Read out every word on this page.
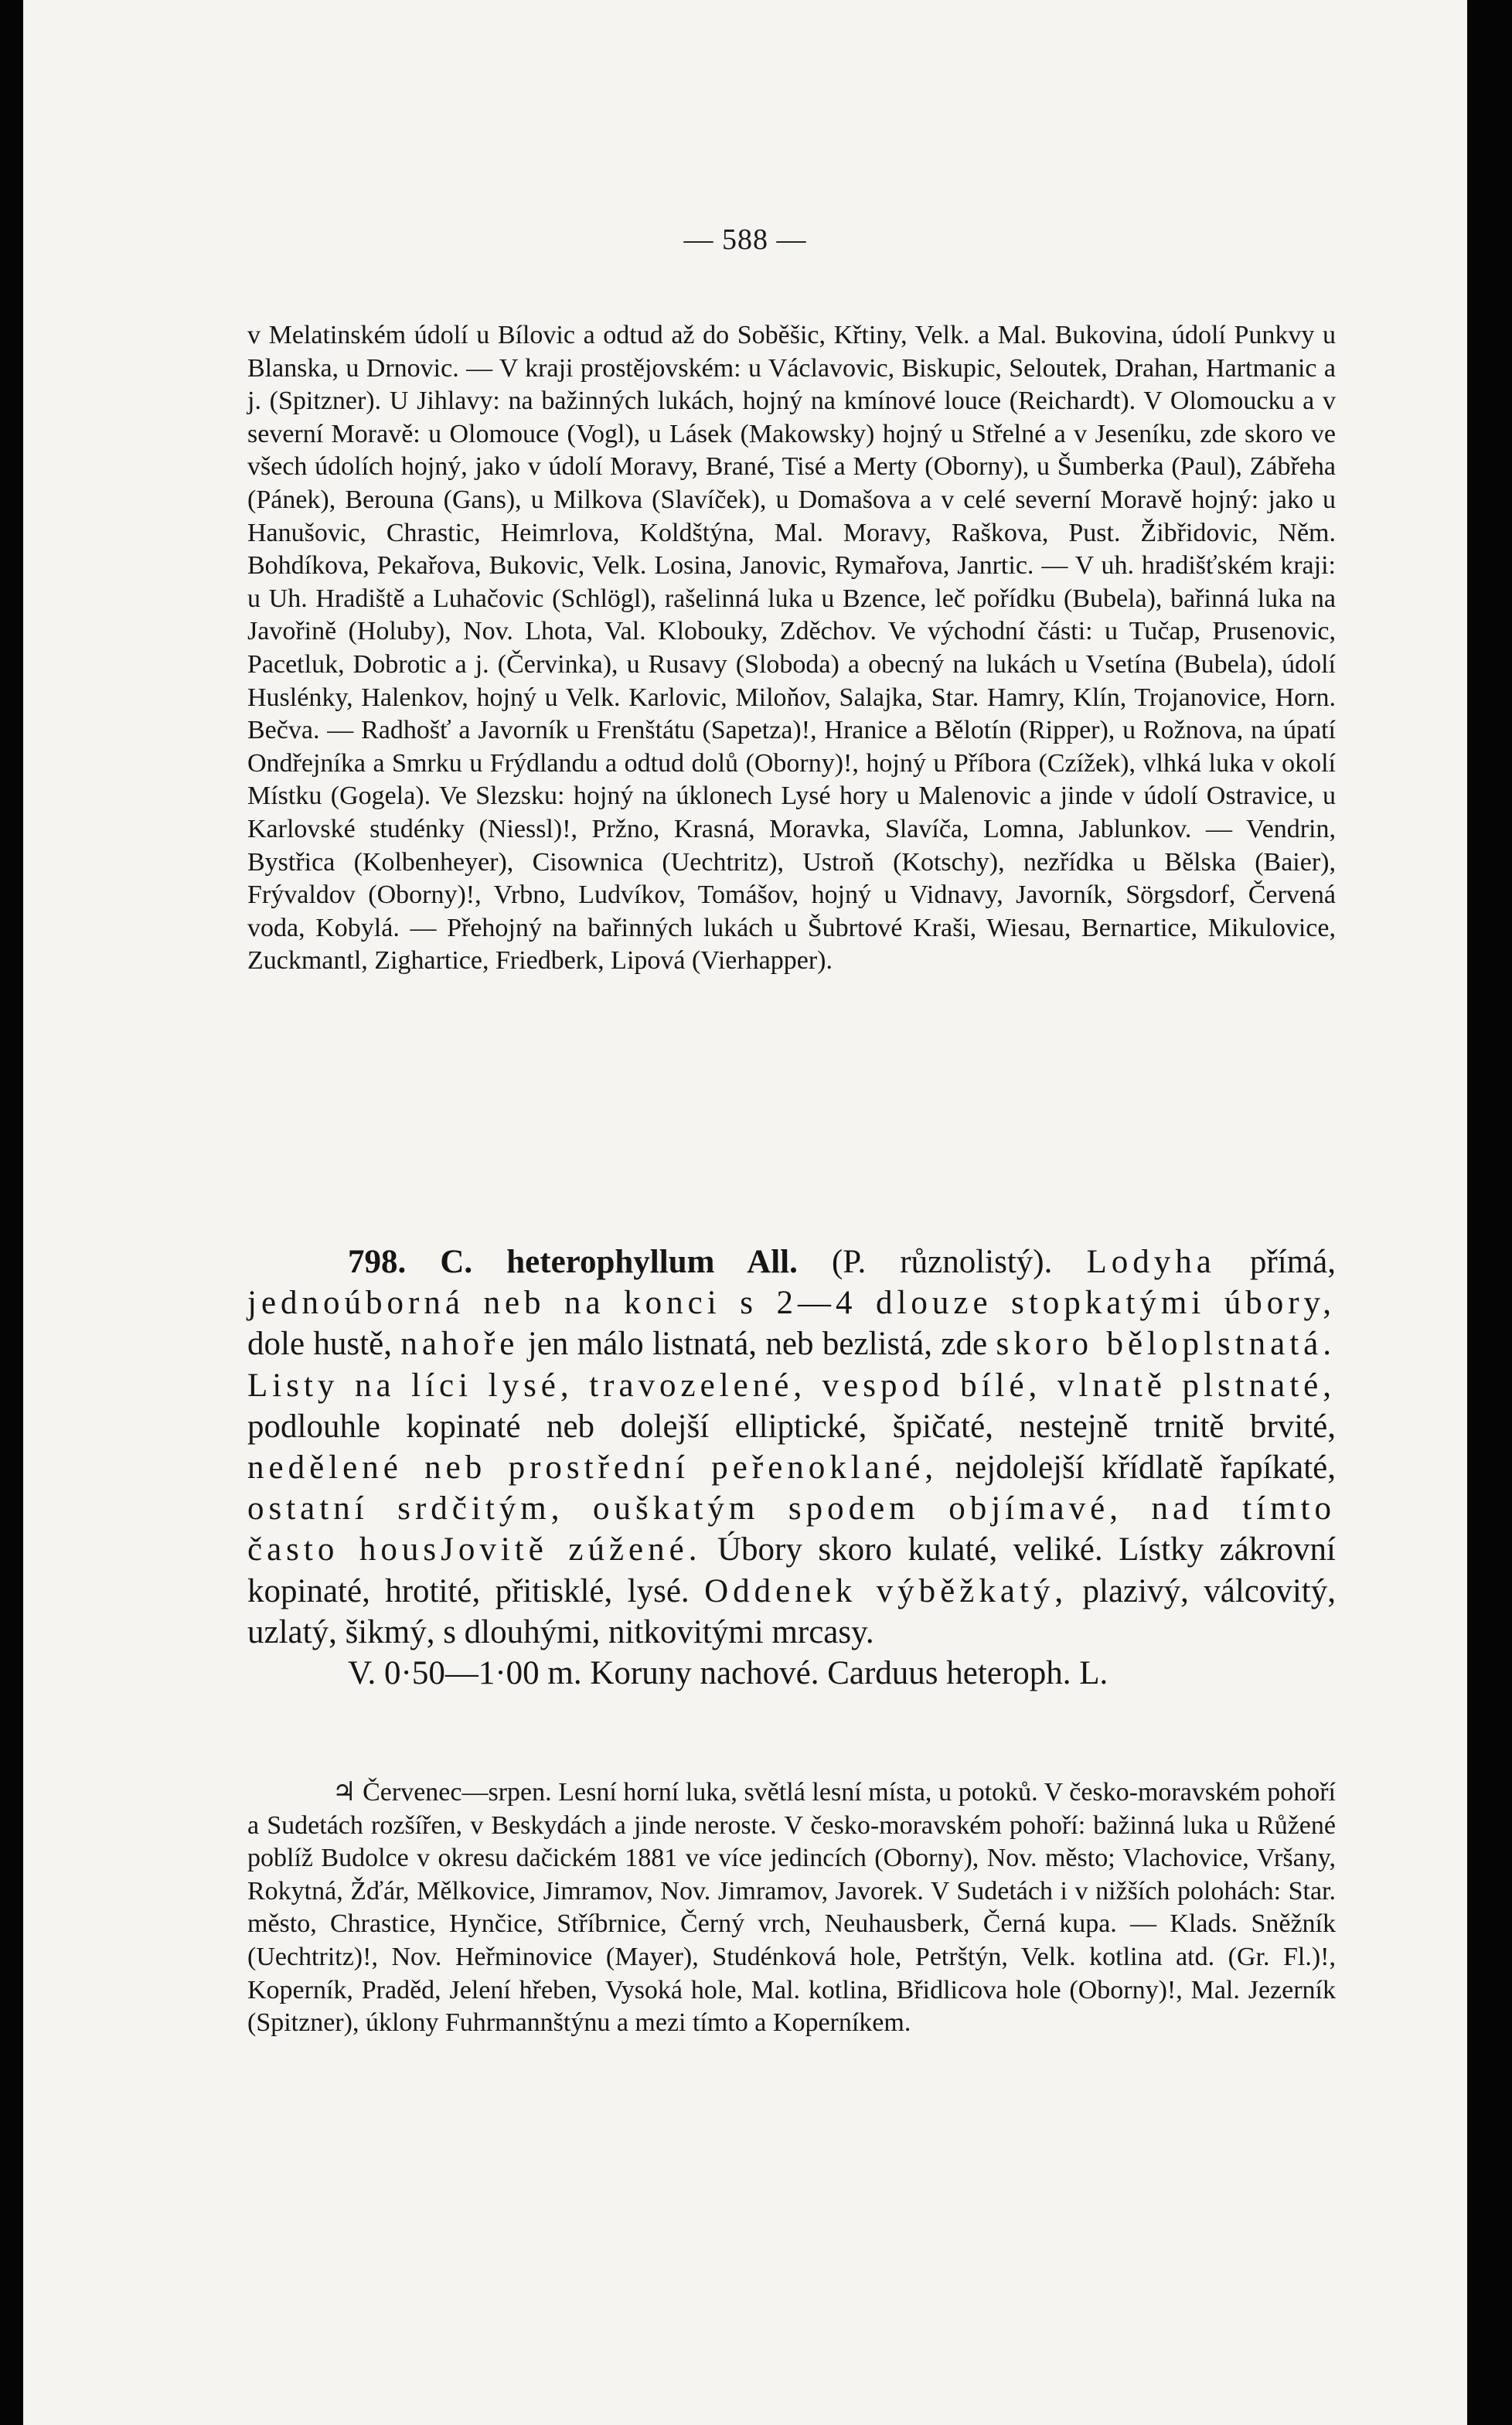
— 588 —
v Melatinském údolí u Bílovic a odtud až do Soběšic, Křtiny, Velk. a Mal. Bukovina, údolí Punkvy u Blanska, u Drnovic. — V kraji prostějovském: u Václavovic, Biskupic, Seloutek, Drahan, Hartmanic a j. (Spitzner). U Jihlavy: na bažinných lukách, hojný na kmínové louce (Reichardt). V Olomoucku a v severní Moravě: u Olomouce (Vogl), u Lásek (Makowsky) hojný u Střelné a v Jeseníku, zde skoro ve všech údolích hojný, jako v údolí Moravy, Brané, Tisé a Merty (Oborny), u Šumberka (Paul), Zábřeha (Pánek), Berouna (Gans), u Milkova (Slavíček), u Domašova a v celé severní Moravě hojný: jako u Hanušovic, Chrastic, Heimrlova, Koldštýna, Mal. Moravy, Raškova, Pust. Žibřidovic, Něm. Bohdíkova, Pekařova, Bukovic, Velk. Losina, Janovic, Rymařova, Janrtic. — V uh. hradišťském kraji: u Uh. Hradiště a Luhačovic (Schlögl), rašelinná luka u Bzence, leč pořídku (Bubela), bařinná luka na Javořině (Holuby), Nov. Lhota, Val. Klobouky, Zděchov. Ve východní části: u Tučap, Prusenovic, Pacetluk, Dobrotic a j. (Červinka), u Rusavy (Sloboda) a obecný na lukách u Vsetína (Bubela), údolí Huslénky, Halenkov, hojný u Velk. Karlovic, Miloňov, Salajka, Star. Hamry, Klín, Trojanovice, Horn. Bečva. — Radhošť a Javorník u Frenštátu (Sapetza)!, Hranice a Bělotín (Ripper), u Rožnova, na úpatí Ondřejníka a Smrku u Frýdlandu a odtud dolů (Oborny)!, hojný u Příbora (Czížek), vlhká luka v okolí Místku (Gogela). Ve Slezsku: hojný na úklonech Lysé hory u Malenovic a jinde v údolí Ostravice, u Karlovské studénky (Niessl)!, Pržno, Krasná, Moravka, Slavíča, Lomna, Jablunkov. — Vendrin, Bystřica (Kolbenheyer), Cisownica (Uechtritz), Ustroň (Kotschy), nezřídka u Bělska (Baier), Frývaldov (Oborny)!, Vrbno, Ludvíkov, Tomášov, hojný u Vidnavy, Javorník, Sörgsdorf, Červená voda, Kobylá. — Přehojný na bařinných lukách u Šubrtové Kraši, Wiesau, Bernartice, Mikulovice, Zuckmantl, Zighartice, Friedberk, Lipová (Vierhapper).
798. C. heterophyllum All. (P. různolistý). Lodyha přímá, jednoúborná neb na konci s 2—4 dlouze stopkatými úbory, dole hustě, nahoře jen málo listnatá, neb bezlistá, zde skoro běloplstnatá. Listy na líci lysé, travozelené, vespod bílé, vlnatě plstnaté, podlouhle kopinaté neb dolejší elliptické, špičaté, nestejně trnitě brvité, nedělené neb prostřední peřenoklané, nejdolejší křídlatě řapíkaté, ostatní srdčitým, ouškatým spodem objímavé, nad tímto často housJovitě zúžené. Úbory skoro kulaté, veliké. Lístky zákrovní kopinaté, hrotité, přitisklé, lysé. Oddenek výběžkatý, plazivý, válcovitý, uzlatý, šikmý, s dlouhými, nitkovitými mrcasy.
V. 0·50—1·00 m. Koruny nachové. Carduus heteroph. L.
♃ Červenec—srpen. Lesní horní luka, světlá lesní místa, u potoků. V česko-moravském pohoří a Sudetách rozšířen, v Beskydách a jinde neroste. V česko-moravském pohoří: bažinná luka u Růžené poblíž Budolce v okresu dačickém 1881 ve více jedincích (Oborny), Nov. město; Vlachovice, Vršany, Rokytná, Žďár, Mělkovice, Jimramov, Nov. Jimramov, Javorek. V Sudetách i v nižších polohách: Star. město, Chrastice, Hynčice, Stříbrnice, Černý vrch, Neuhausberk, Černá kupa. — Klads. Sněžník (Uechtritz)!, Nov. Heřminovice (Mayer), Studénková hole, Petrštýn, Velk. kotlina atd. (Gr. Fl.)!, Koperník, Praděd, Jelení hřeben, Vysoká hole, Mal. kotlina, Břidlicova hole (Oborny)!, Mal. Jezerník (Spitzner), úklony Fuhrmannštýnu a mezi tímto a Koperníkem.
